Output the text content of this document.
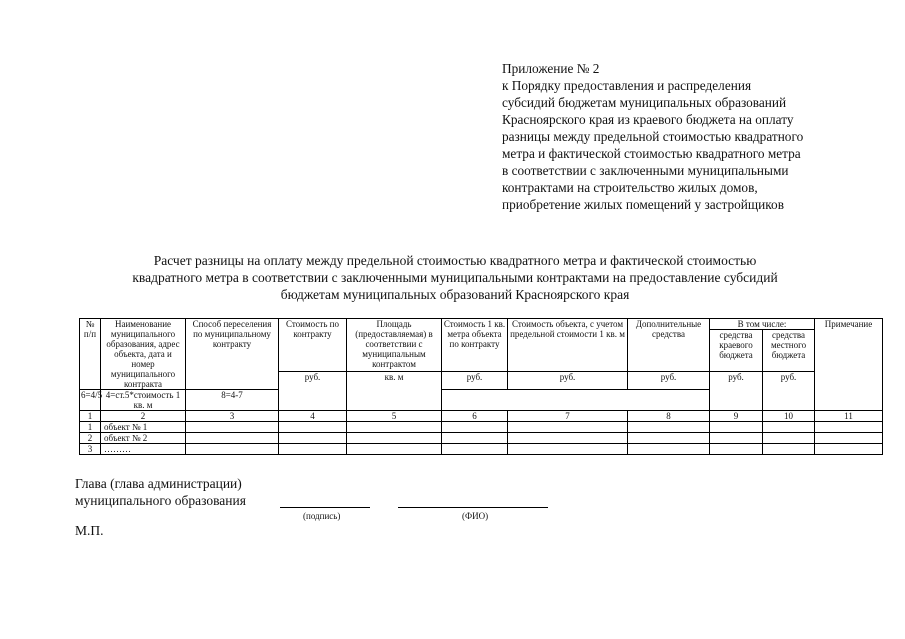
Приложение № 2
к Порядку предоставления и распределения
субсидий бюджетам муниципальных образований
Красноярского края из краевого бюджета на оплату
разницы между предельной стоимостью квадратного
метра и фактической стоимостью квадратного метра
в соответствии с заключенными муниципальными
контрактами на строительство жилых домов,
приобретение жилых помещений у застройщиков
Расчет разницы на оплату между предельной стоимостью квадратного метра и фактической стоимостью
квадратного метра в соответствии с заключенными муниципальными контрактами на предоставление субсидий
бюджетам муниципальных образований Красноярского края
№ п/п	Наименование муниципального образования, адрес объекта, дата и номер муниципального контракта	Способ переселения по муниципальному контракту	Стоимость по контракту	Площадь (предоставляемая) в соответствии с муниципальным контрактом	Стоимость 1 кв. метра объекта по контракту	Стоимость объекта, с учетом предельной стоимости 1 кв. м	Дополнительные средства	В том числе:		Примечание
								средства краевого бюджета	средства местного бюджета	
			руб.	кв. м	руб.	руб.	руб.	руб.	руб.	
6=4/5	4=ст.5*стоимость 1 кв. м	8=4-7								
1	2	3	4	5	6	7	8	9	10	11
1	объект № 1									
2	объект № 2									
3	………									
Глава (глава администрации)
муниципального образования
(подпись)	(ФИО)
М.П.
